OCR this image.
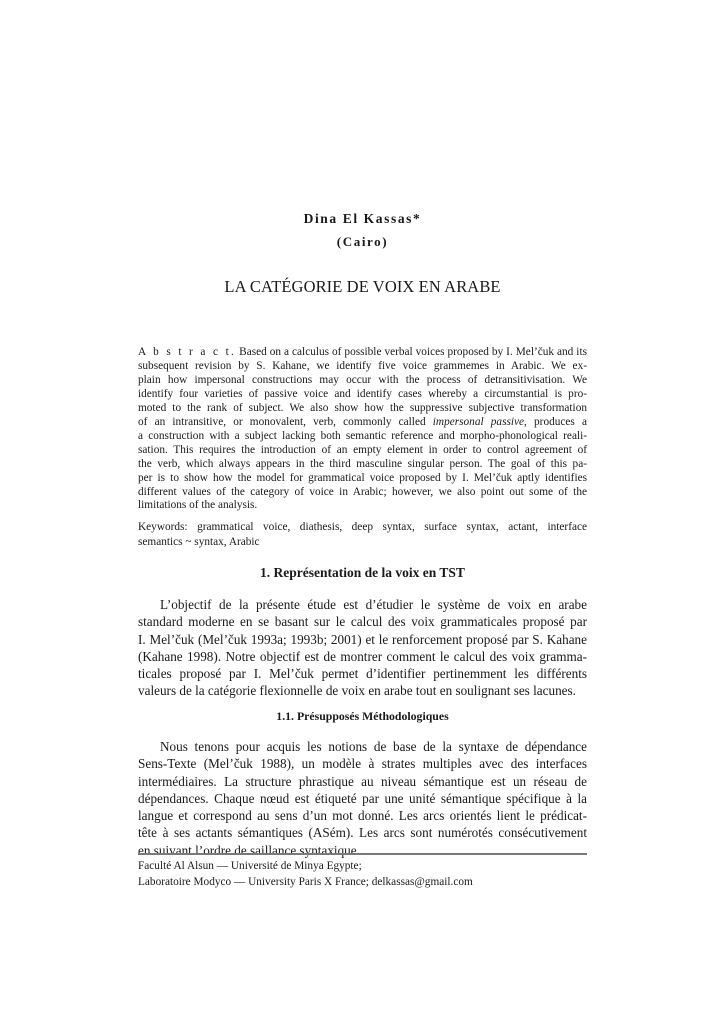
Dina El Kassas*
(Cairo)
LA CATÉGORIE DE VOIX EN ARABE
A b s t r a c t. Based on a calculus of possible verbal voices proposed by I. Mel’čuk and its
subsequent revision by S. Kahane, we identify five voice grammemes in Arabic. We ex-
plain how impersonal constructions may occur with the process of detransitivisation. We
identify four varieties of passive voice and identify cases whereby a circumstantial is pro-
moted to the rank of subject. We also show how the suppressive subjective transformation
of an intransitive, or monovalent, verb, commonly called impersonal passive, produces a
a construction with a subject lacking both semantic reference and morpho-phonological reali-
sation. This requires the introduction of an empty element in order to control agreement of
the verb, which always appears in the third masculine singular person. The goal of this pa-
per is to show how the model for grammatical voice proposed by I. Mel’čuk aptly identifies
different values of the category of voice in Arabic; however, we also point out some of the
limitations of the analysis.
Keywords: grammatical voice, diathesis, deep syntax, surface syntax, actant, interface
semantics ~ syntax, Arabic
1. Représentation de la voix en TST
L’objectif de la présente étude est d’étudier le système de voix en arabe
standard moderne en se basant sur le calcul des voix grammaticales proposé par
I. Mel’čuk (Mel’čuk 1993a; 1993b; 2001) et le renforcement proposé par S. Kahane
(Kahane 1998). Notre objectif est de montrer comment le calcul des voix gramma-
ticales proposé par I. Mel’čuk permet d’identifier pertinemment les différents
valeurs de la catégorie flexionnelle de voix en arabe tout en soulignant ses lacunes.
1.1. Présupposés Méthodologiques
Nous tenons pour acquis les notions de base de la syntaxe de dépendance
Sens-Texte (Mel’čuk 1988), un modèle à strates multiples avec des interfaces
intermédiaires. La structure phrastique au niveau sémantique est un réseau de
dépendances. Chaque nœud est étiqueté par une unité sémantique spécifique à la
langue et correspond au sens d’un mot donné. Les arcs orientés lient le prédicat-
tête à ses actants sémantiques (ASém). Les arcs sont numérotés consécutivement
en suivant l’ordre de saillance syntaxique.
Faculté Al Alsun — Université de Minya Egypte;
Laboratoire Modyco — University Paris X France; delkassas@gmail.com
